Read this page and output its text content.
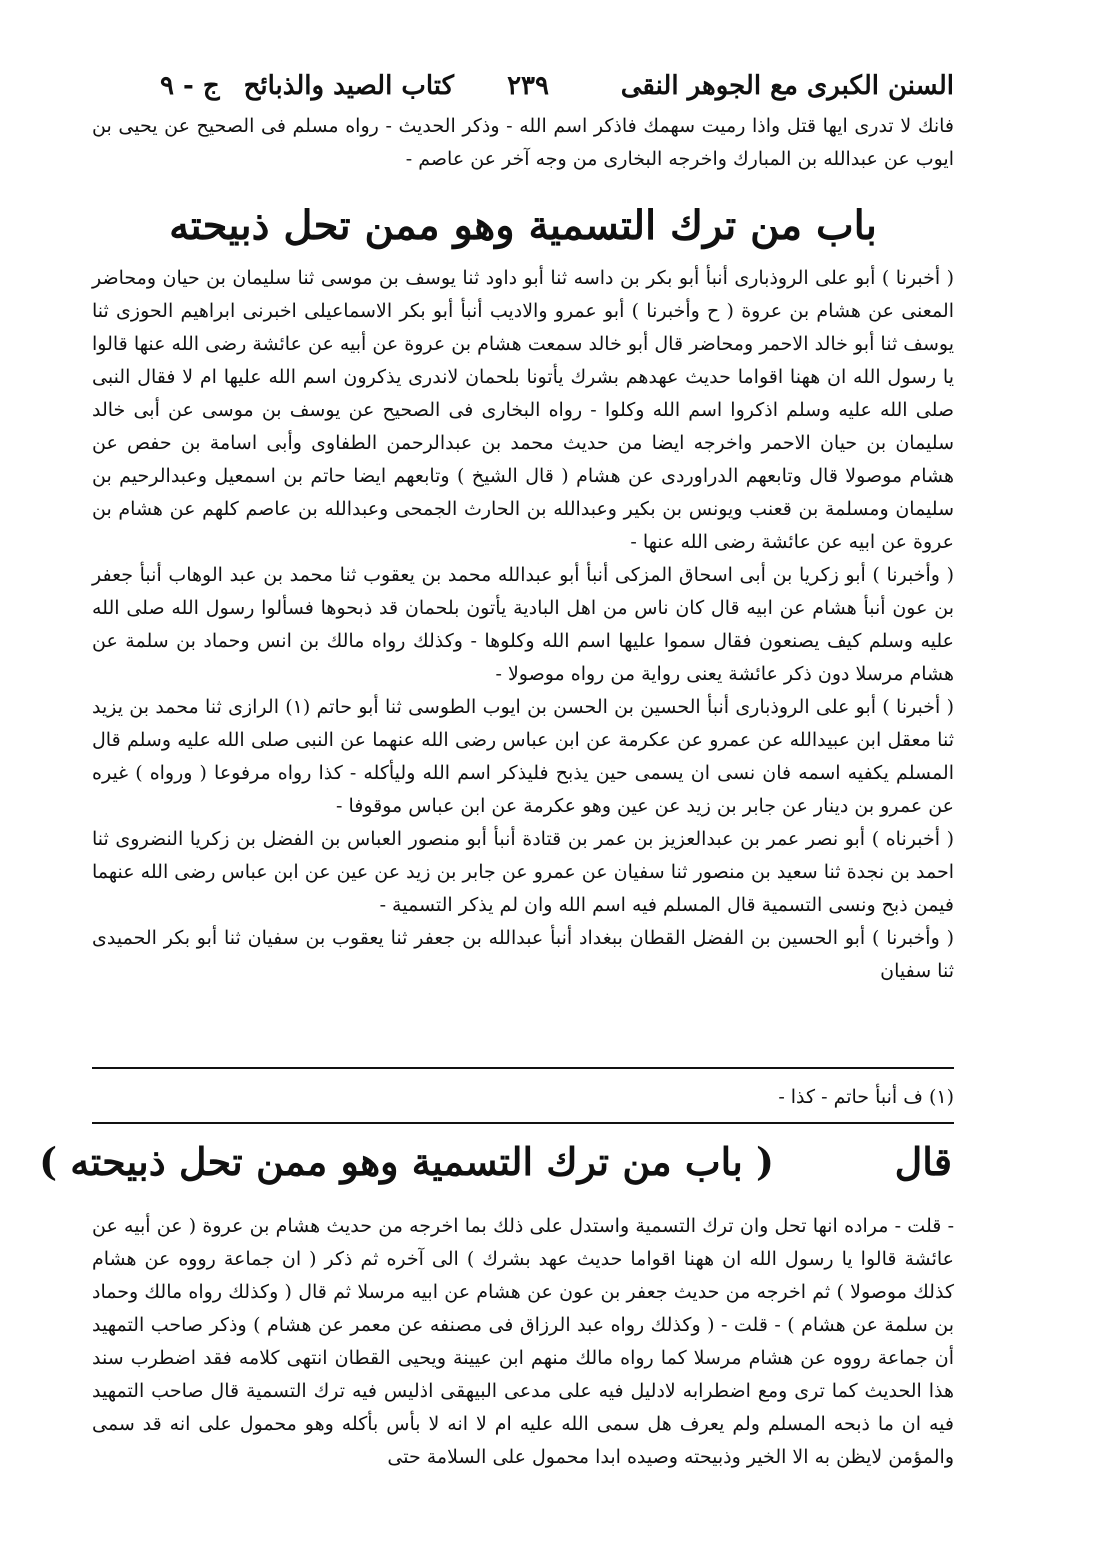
السنن الكبرى مع الجوهر النقى
٢٣٩
كتاب الصيد والذبائح
ج - ٩

فانك لا تدرى ايها قتل واذا رميت سهمك فاذكر اسم الله - وذكر الحديث - رواه مسلم فى الصحيح عن يحيى بن ايوب عن عبدالله بن المبارك واخرجه البخارى من وجه آخر عن عاصم -

باب من ترك التسمية وهو ممن تحل ذبيحته

( أخبرنا ) أبو على الروذبارى أنبأ أبو بكر بن داسه ثنا أبو داود ثنا يوسف بن موسى ثنا سليمان بن حيان ومحاضر المعنى عن هشام بن عروة ( ح وأخبرنا ) أبو عمرو والاديب أنبأ أبو بكر الاسماعيلى اخبرنى ابراهيم الحوزى ثنا يوسف ثنا أبو خالد الاحمر ومحاضر قال أبو خالد سمعت هشام بن عروة عن أبيه عن عائشة رضى الله عنها قالوا يا رسول الله ان ههنا اقواما حديث عهدهم بشرك يأتونا بلحمان لاندرى يذكرون اسم الله عليها ام لا فقال النبى صلى الله عليه وسلم اذكروا اسم الله وكلوا - رواه البخارى فى الصحيح عن يوسف بن موسى عن أبى خالد سليمان بن حيان الاحمر واخرجه ايضا من حديث محمد بن عبدالرحمن الطفاوى وأبى اسامة بن حفص عن هشام موصولا قال وتابعهم الدراوردى عن هشام ( قال الشيخ ) وتابعهم ايضا حاتم بن اسمعيل وعبدالرحيم بن سليمان ومسلمة بن قعنب ويونس بن بكير وعبدالله بن الحارث الجمحى وعبدالله بن عاصم كلهم عن هشام بن عروة عن ابيه عن عائشة رضى الله عنها -

( وأخبرنا ) أبو زكريا بن أبى اسحاق المزكى أنبأ أبو عبدالله محمد بن يعقوب ثنا محمد بن عبد الوهاب أنبأ جعفر بن عون أنبأ هشام عن ابيه قال كان ناس من اهل البادية يأتون بلحمان قد ذبحوها فسألوا رسول الله صلى الله عليه وسلم كيف يصنعون فقال سموا عليها اسم الله وكلوها - وكذلك رواه مالك بن انس وحماد بن سلمة عن هشام مرسلا دون ذكر عائشة يعنى رواية من رواه موصولا -

( أخبرنا ) أبو على الروذبارى أنبأ الحسين بن الحسن بن ايوب الطوسى ثنا أبو حاتم (١) الرازى ثنا محمد بن يزيد ثنا معقل ابن عبيدالله عن عمرو عن عكرمة عن ابن عباس رضى الله عنهما عن النبى صلى الله عليه وسلم قال المسلم يكفيه اسمه فان نسى ان يسمى حين يذبح فليذكر اسم الله وليأكله - كذا رواه مرفوعا ( ورواه ) غيره عن عمرو بن دينار عن جابر بن زيد عن عين وهو عكرمة عن ابن عباس موقوفا -

( أخبرناه ) أبو نصر عمر بن عبدالعزيز بن عمر بن قتادة أنبأ أبو منصور العباس بن الفضل بن زكريا النضروى ثنا احمد بن نجدة ثنا سعيد بن منصور ثنا سفيان عن عمرو عن جابر بن زيد عن عين عن ابن عباس رضى الله عنهما فيمن ذبح ونسى التسمية قال المسلم فيه اسم الله وان لم يذكر التسمية -

( وأخبرنا ) أبو الحسين بن الفضل القطان ببغداد أنبأ عبدالله بن جعفر ثنا يعقوب بن سفيان ثنا أبو بكر الحميدى ثنا سفيان

(١) ف أنبأ حاتم - كذا -
قال
( باب من ترك التسمية وهو ممن تحل ذبيحته )

- قلت - مراده انها تحل وان ترك التسمية واستدل على ذلك بما اخرجه من حديث هشام بن عروة ( عن أبيه عن عائشة قالوا يا رسول الله ان ههنا اقواما حديث عهد بشرك ) الى آخره ثم ذكر ( ان جماعة رووه عن هشام كذلك موصولا ) ثم اخرجه من حديث جعفر بن عون عن هشام عن ابيه مرسلا ثم قال ( وكذلك رواه مالك وحماد بن سلمة عن هشام ) - قلت - ( وكذلك رواه عبد الرزاق فى مصنفه عن معمر عن هشام ) وذكر صاحب التمهيد أن جماعة رووه عن هشام مرسلا كما رواه مالك منهم ابن عيينة ويحيى القطان انتهى كلامه فقد اضطرب سند هذا الحديث كما ترى ومع اضطرابه لادليل فيه على مدعى البيهقى اذليس فيه ترك التسمية قال صاحب التمهيد فيه ان ما ذبحه المسلم ولم يعرف هل سمى الله عليه ام لا انه لا بأس بأكله وهو محمول على انه قد سمى والمؤمن لايظن به الا الخير وذبيحته وصيده ابدا محمول على السلامة حتى
